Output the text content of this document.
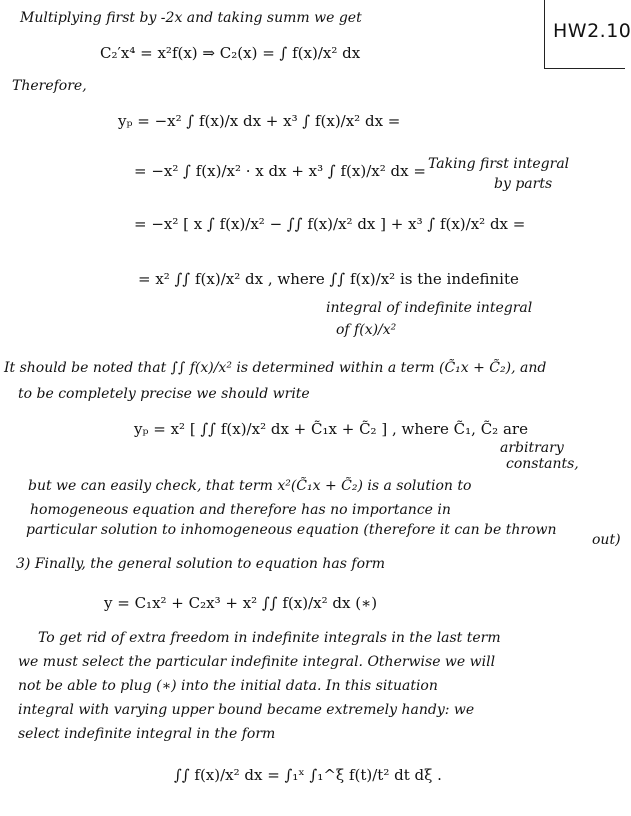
HW2.10
Multiplying first by -2x and taking summ we get
C₂′x⁴ = x²f(x) ⇒ C₂(x) = ∫ f(x)/x² dx
Therefore,
yₚ = −x² ∫ f(x)/x dx + x³ ∫ f(x)/x² dx =
= −x² ∫ f(x)/x² · x dx + x³ ∫ f(x)/x² dx = Taking first integral
by parts
= −x² [ x ∫ f(x)/x² − ∫∫ f(x)/x² dx ] + x³ ∫ f(x)/x² dx =
= x² ∫∫ f(x)/x² dx , where ∫∫ f(x)/x² is the indefinite
integral of indefinite integral
of f(x)/x²
It should be noted that ∫∫ f(x)/x² is determined within a term (C̃₁x + C̃₂), and
to be completely precise we should write
yₚ = x² [ ∫∫ f(x)/x² dx + C̃₁x + C̃₂ ] , where C̃₁, C̃₂ are
arbitrary
constants,
but we can easily check, that term x²(C̃₁x + C̃₂) is a solution to
homogeneous equation and therefore has no importance in
particular solution to inhomogeneous equation (therefore it can be thrown
out)
3) Finally, the general solution to equation has form
y = C₁x² + C₂x³ + x² ∫∫ f(x)/x² dx (∗)
To get rid of extra freedom in indefinite integrals in the last term
we must select the particular indefinite integral. Otherwise we will
not be able to plug (∗) into the initial data. In this situation
integral with varying upper bound became extremely handy: we
select indefinite integral in the form
∫∫ f(x)/x² dx = ∫₁ˣ ∫₁^ξ f(t)/t² dt dξ .
